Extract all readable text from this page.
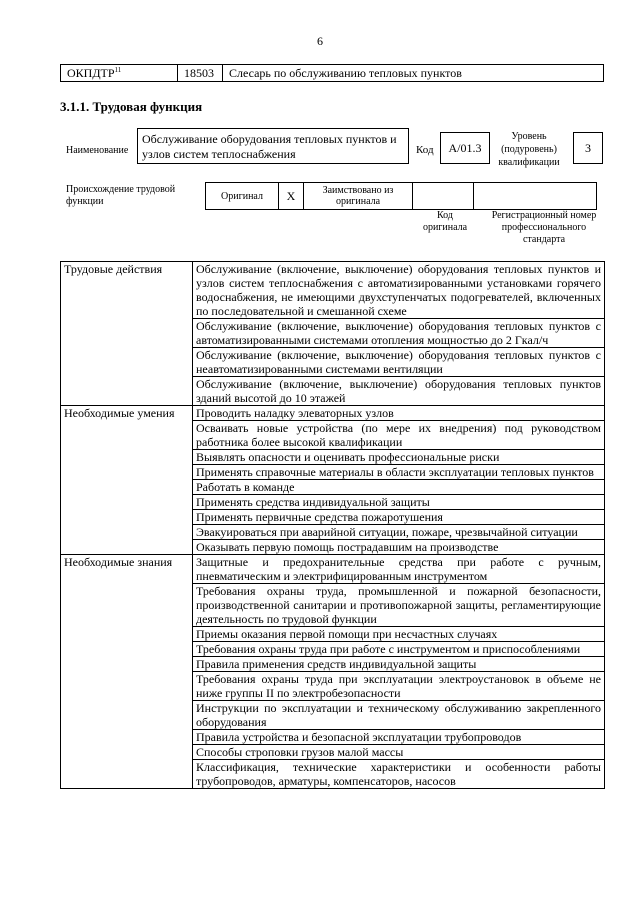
6
ОКПДТР$^{11}$	18503	Слесарь по обслуживанию тепловых пунктов
3.1.1. Трудовая функция
Наименование
Обслуживание оборудования тепловых пунктов и узлов систем теплоснабжения	Код	A/01.3
Уровень (подуровень) квалификации
3
Происхождение трудовой функции	Оригинал	X	Заимствовано из оригинала		
Код оригинала
Регистрационный номер профессионального стандарта
Трудовые действия	Обслуживание (включение, выключение) оборудования тепловых пунктов и узлов систем теплоснабжения с автоматизированными установками горячего водоснабжения, не имеющими двухступенчатых подогревателей, включенных по последовательной и смешанной схеме
	Обслуживание (включение, выключение) оборудования тепловых пунктов с автоматизированными системами отопления мощностью до 2 Гкал/ч
	Обслуживание (включение, выключение) оборудования тепловых пунктов с неавтоматизированными системами вентиляции
	Обслуживание (включение, выключение) оборудования тепловых пунктов зданий высотой до 10 этажей
Необходимые умения	Проводить наладку элеваторных узлов
	Осваивать новые устройства (по мере их внедрения) под руководством работника более высокой квалификации
	Выявлять опасности и оценивать профессиональные риски
	Применять справочные материалы в области эксплуатации тепловых пунктов
	Работать в команде
	Применять средства индивидуальной защиты
	Применять первичные средства пожаротушения
	Эвакуироваться при аварийной ситуации, пожаре, чрезвычайной ситуации
	Оказывать первую помощь пострадавшим на производстве
Необходимые знания	Защитные и предохранительные средства при работе с ручным, пневматическим и электрифицированным инструментом
	Требования охраны труда, промышленной и пожарной безопасности, производственной санитарии и противопожарной защиты, регламентирующие деятельность по трудовой функции
	Приемы оказания первой помощи при несчастных случаях
	Требования охраны труда при работе с инструментом и приспособлениями
	Правила применения средств индивидуальной защиты
	Требования охраны труда при эксплуатации электроустановок в объеме не ниже группы II по электробезопасности
	Инструкции по эксплуатации и техническому обслуживанию закрепленного оборудования
	Правила устройства и безопасной эксплуатации трубопроводов
	Способы строповки грузов малой массы
	Классификация, технические характеристики и особенности работы трубопроводов, арматуры, компенсаторов, насосов
